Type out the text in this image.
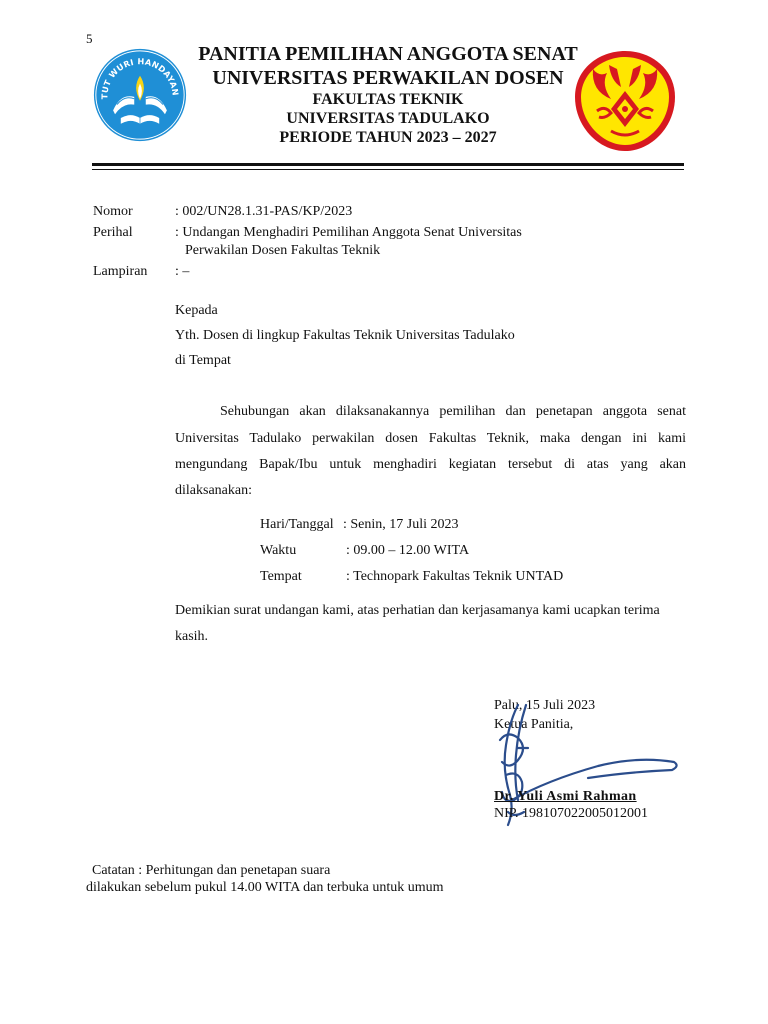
5
TUT WURI HANDAYAN
PANITIA PEMILIHAN ANGGOTA SENAT
UNIVERSITAS PERWAKILAN DOSEN
FAKULTAS TEKNIK
UNIVERSITAS TADULAKO
PERIODE TAHUN 2023 – 2027
Nomor	: 002/UN28.1.31-PAS/KP/2023
Perihal	: Undangan Menghadiri Pemilihan Anggota Senat Universitas
Perwakilan Dosen Fakultas Teknik
Lampiran : –
Kepada
Yth. Dosen di lingkup Fakultas Teknik Universitas Tadulako
di Tempat
Sehubungan akan dilaksanakannya pemilihan dan penetapan anggota senat
Universitas Tadulako perwakilan dosen Fakultas Teknik, maka dengan ini kami
mengundang Bapak/Ibu untuk menghadiri kegiatan tersebut di atas yang akan
dilaksanakan:
Hari/Tanggal : Senin, 17 Juli 2023
Waktu	: 09.00 – 12.00 WITA
Tempat	: Technopark Fakultas Teknik UNTAD
Demikian surat undangan kami, atas perhatian dan kerjasamanya kami ucapkan terima
kasih.
Palu, 15 Juli 2023
Ketua Panitia,
Dr. Yuli Asmi Rahman
NIP. 198107022005012001
Catatan : Perhitungan dan penetapan suara
dilakukan sebelum pukul 14.00 WITA dan terbuka untuk umum
